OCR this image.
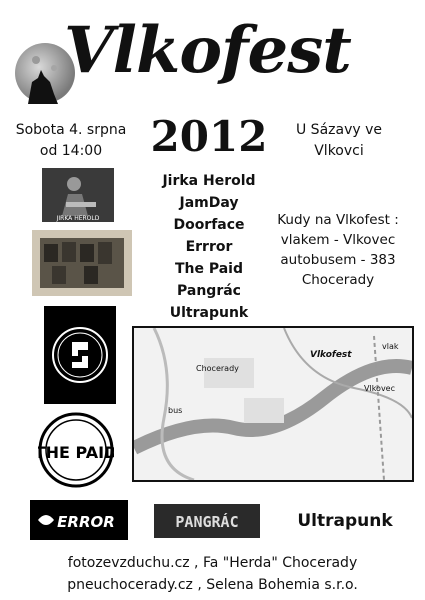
Vlkofest
Sobota 4. srpna
od 14:00	2012	U Sázavy ve
Vlkovci
Jirka Herold
JamDay
Doorface
Errror
The Paid
Pangrác
Ultrapunk
Kudy na Vlkofest :
vlakem - Vlkovec
autobusem - 383
Chocerady
JIRKA HEROLD
THE PAID
Chocerady
bus
vlak
Vlkovec
Vlkofest
ERROR	PANGRÁC	Ultrapunk
fotozevzduchu.cz , Fa "Herda" Chocerady
pneuchocerady.cz , Selena Bohemia s.r.o.
